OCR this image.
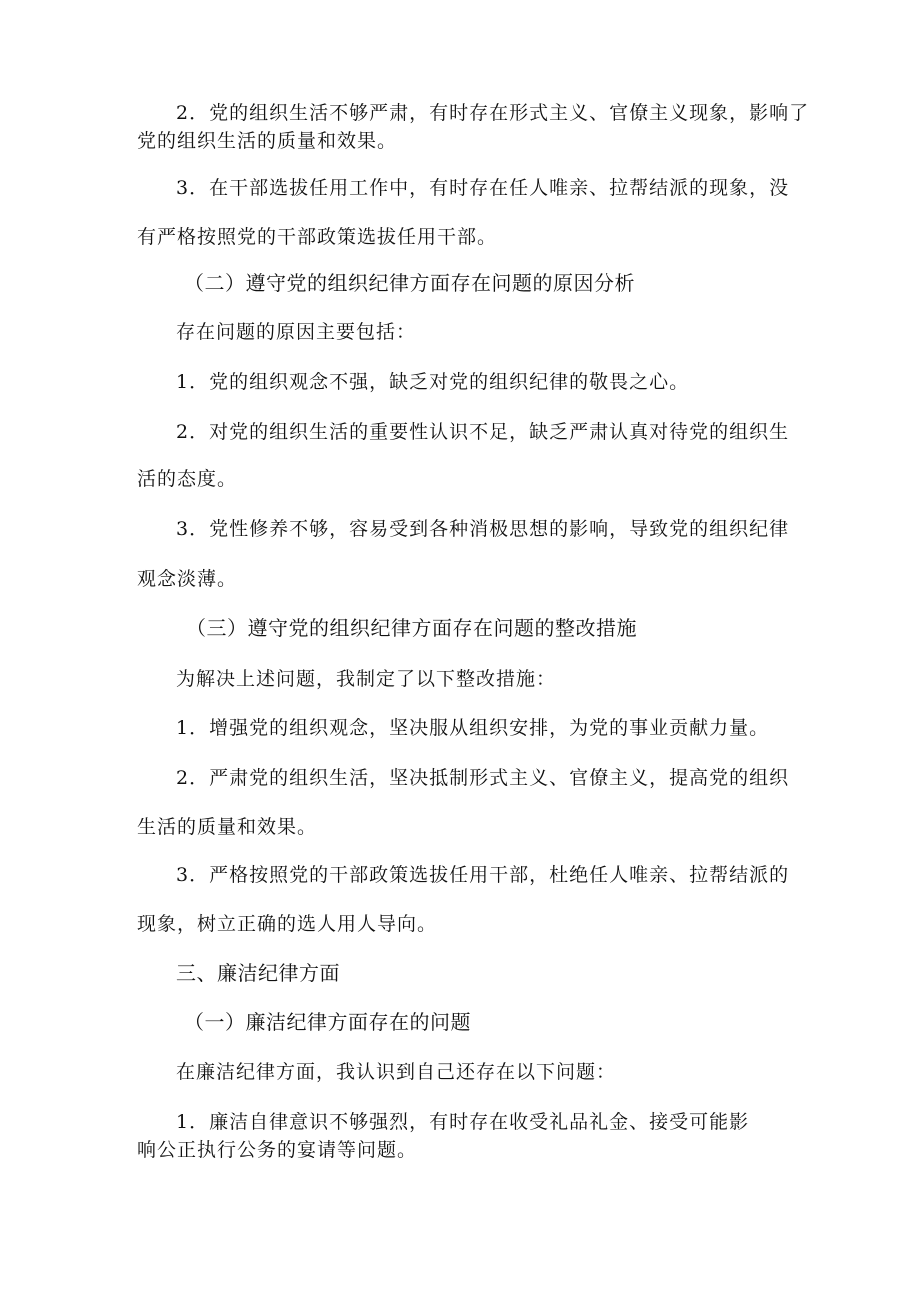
2．党的组织生活不够严肃，有时存在形式主义、官僚主义现象，影响了
党的组织生活的质量和效果。
3．在干部选拔任用工作中，有时存在任人唯亲、拉帮结派的现象，没
有严格按照党的干部政策选拔任用干部。
（二）遵守党的组织纪律方面存在问题的原因分析
存在问题的原因主要包括：
1．党的组织观念不强，缺乏对党的组织纪律的敬畏之心。
2．对党的组织生活的重要性认识不足，缺乏严肃认真对待党的组织生
活的态度。
3．党性修养不够，容易受到各种消极思想的影响，导致党的组织纪律
观念淡薄。
（三）遵守党的组织纪律方面存在问题的整改措施
为解决上述问题，我制定了以下整改措施：
1．增强党的组织观念，坚决服从组织安排，为党的事业贡献力量。
2．严肃党的组织生活，坚决抵制形式主义、官僚主义，提高党的组织
生活的质量和效果。
3．严格按照党的干部政策选拔任用干部，杜绝任人唯亲、拉帮结派的
现象，树立正确的选人用人导向。
三、廉洁纪律方面
（一）廉洁纪律方面存在的问题
在廉洁纪律方面，我认识到自己还存在以下问题：
1．廉洁自律意识不够强烈，有时存在收受礼品礼金、接受可能影
响公正执行公务的宴请等问题。
